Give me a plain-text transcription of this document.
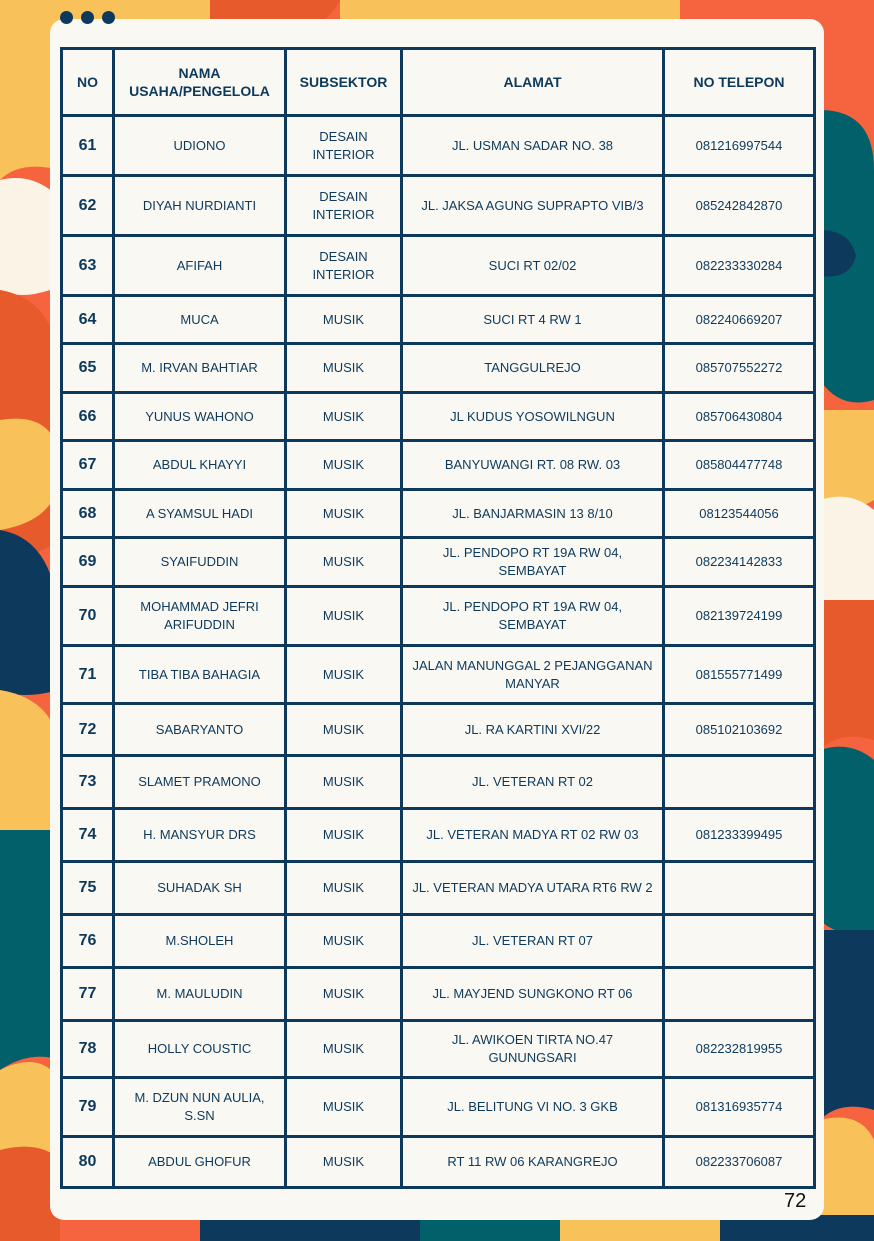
NO	NAMA USAHA/PENGELOLA	SUBSEKTOR	ALAMAT	NO TELEPON
61	UDIONO	DESAIN INTERIOR	JL. USMAN SADAR NO. 38	081216997544
62	DIYAH NURDIANTI	DESAIN INTERIOR	JL. JAKSA AGUNG SUPRAPTO VIB/3	085242842870
63	AFIFAH	DESAIN INTERIOR	SUCI RT 02/02	082233330284
64	MUCA	MUSIK	SUCI RT 4 RW 1	082240669207
65	M. IRVAN BAHTIAR	MUSIK	TANGGULREJO	085707552272
66	YUNUS WAHONO	MUSIK	JL KUDUS YOSOWILNGUN	085706430804
67	ABDUL KHAYYI	MUSIK	BANYUWANGI RT. 08 RW. 03	085804477748
68	A SYAMSUL HADI	MUSIK	JL. BANJARMASIN 13 8/10	08123544056
69	SYAIFUDDIN	MUSIK	JL. PENDOPO RT 19A RW 04, SEMBAYAT	082234142833
70	MOHAMMAD JEFRI ARIFUDDIN	MUSIK	JL. PENDOPO RT 19A RW 04, SEMBAYAT	082139724199
71	TIBA TIBA BAHAGIA	MUSIK	JALAN MANUNGGAL 2 PEJANGGANAN MANYAR	081555771499
72	SABARYANTO	MUSIK	JL. RA KARTINI XVI/22	085102103692
73	SLAMET PRAMONO	MUSIK	JL. VETERAN RT 02	
74	H. MANSYUR DRS	MUSIK	JL. VETERAN MADYA RT 02 RW 03	081233399495
75	SUHADAK SH	MUSIK	JL. VETERAN MADYA UTARA RT6 RW 2	
76	M.SHOLEH	MUSIK	JL. VETERAN RT 07	
77	M. MAULUDIN	MUSIK	JL. MAYJEND SUNGKONO RT 06	
78	HOLLY COUSTIC	MUSIK	JL. AWIKOEN TIRTA NO.47 GUNUNGSARI	082232819955
79	M. DZUN NUN AULIA, S.SN	MUSIK	JL. BELITUNG VI NO. 3 GKB	081316935774
80	ABDUL GHOFUR	MUSIK	RT 11 RW 06 KARANGREJO	082233706087
72
